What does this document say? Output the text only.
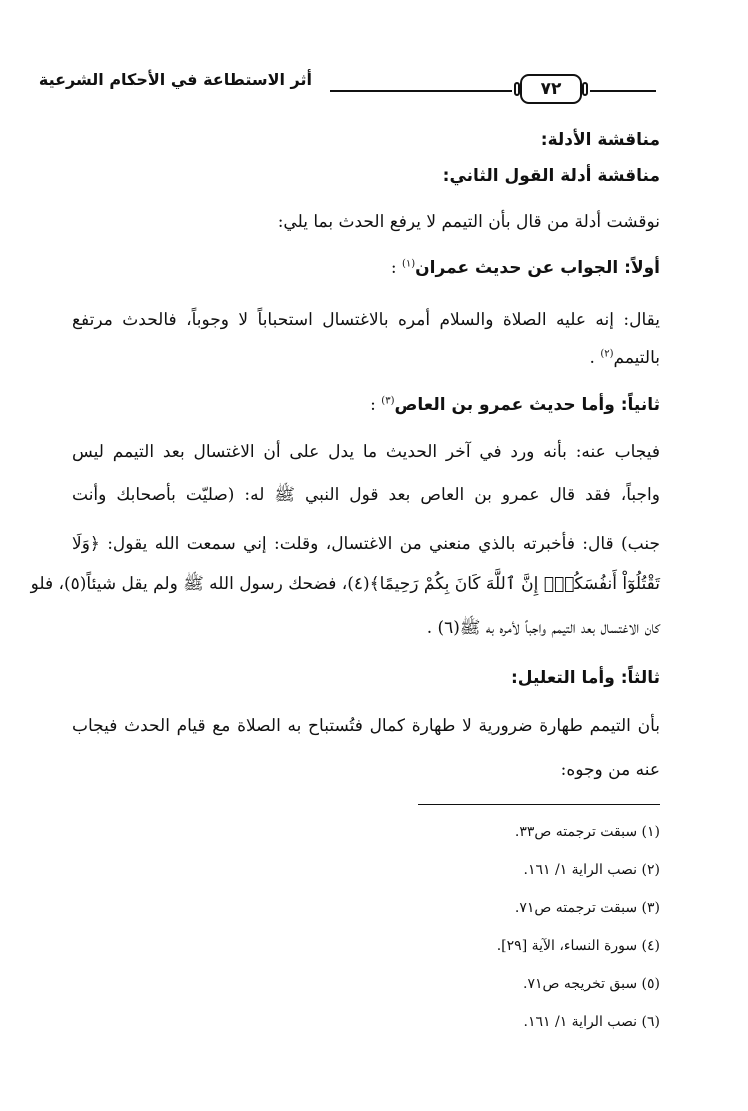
٧٢
أثر الاستطاعة في الأحكام الشرعية
مناقشة الأدلة:
مناقشة أدلة القول الثاني:
نوقشت أدلة من قال بأن التيمم لا يرفع الحدث بما يلي:
أولاً: الجواب عن حديث عمران$^{(١)}$ :
يقال: إنه عليه الصلاة والسلام أمره بالاغتسال استحباباً لا وجوباً، فالحدث مرتفع
بالتيمم$^{(٢)}$ .
ثانياً: وأما حديث عمرو بن العاص$^{(٣)}$ :
فيجاب عنه: بأنه ورد في آخر الحديث ما يدل على أن الاغتسال بعد التيمم ليس
واجباً، فقد قال عمرو بن العاص بعد قول النبي ﷺ له: (صليّت بأصحابك وأنت
جنب) قال: فأخبرته بالذي منعني من الاغتسال، وقلت: إني سمعت الله يقول: ﴿وَلَا
تَقْتُلُوٓاْ أَنفُسَكُمْۚ إِنَّ ٱللَّهَ كَانَ بِكُمْ رَحِيمًا﴾(٤)، فضحك رسول الله ﷺ ولم يقل شيئاً(٥)، فلو
كان الاغتسال بعد التيمم واجباً لأمره به ﷺ(٦) .
ثالثاً: وأما التعليل:
بأن التيمم طهارة ضرورية لا طهارة كمال فتُستباح به الصلاة مع قيام الحدث فيجاب
عنه من وجوه:
(١) سبقت ترجمته ص٣٣.
(٢) نصب الراية ١/ ١٦١.
(٣) سبقت ترجمته ص٧١.
(٤) سورة النساء، الآية [٢٩].
(٥) سبق تخريجه ص٧١.
(٦) نصب الراية ١/ ١٦١.
